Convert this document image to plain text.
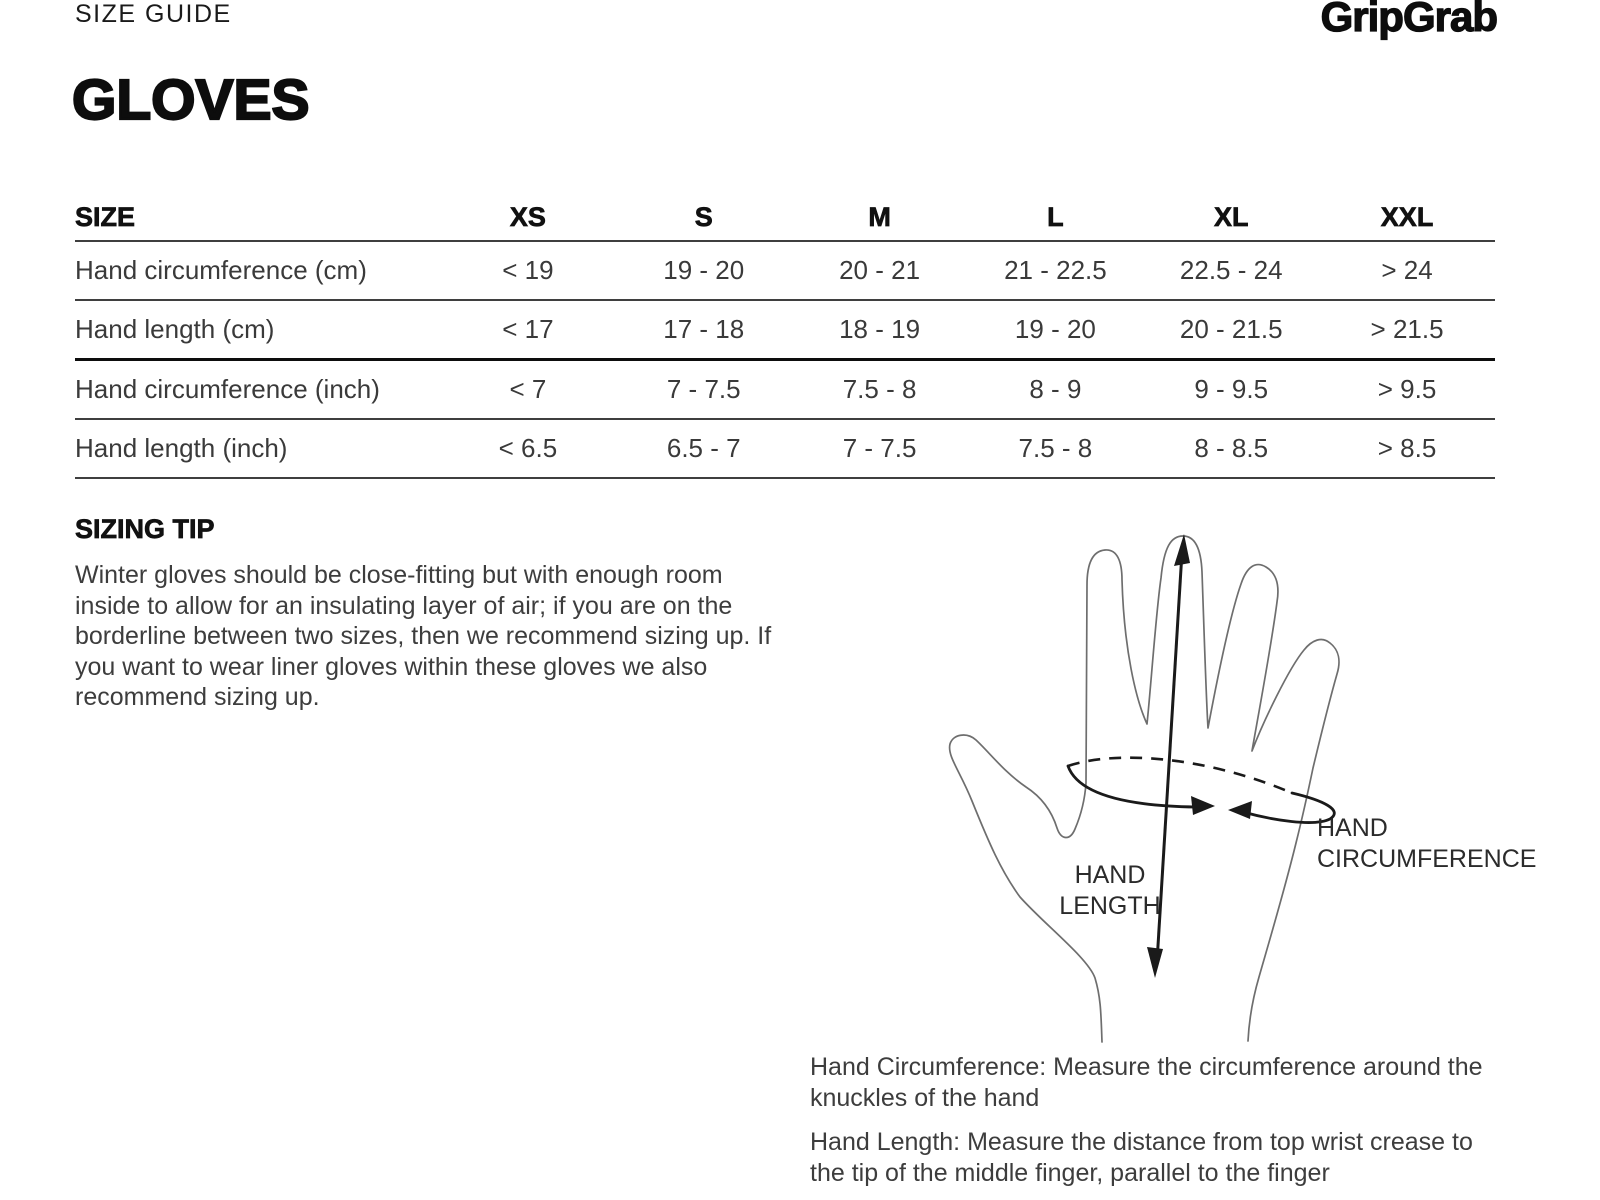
SIZE GUIDE	GripGrab
GLOVES
SIZE	XS	S	M	L	XL	XXL
Hand circumference (cm)	< 19	19 - 20	20 - 21	21 - 22.5	22.5 - 24	> 24
Hand length (cm)	< 17	17 - 18	18 - 19	19 - 20	20 - 21.5	> 21.5
Hand circumference (inch)	< 7	7 - 7.5	7.5 - 8	8 - 9	9 - 9.5	> 9.5
Hand length (inch)	< 6.5	6.5 - 7	7 - 7.5	7.5 - 8	8 - 8.5	> 8.5
SIZING TIP

Winter gloves should be close-fitting but with enough room inside to allow for an insulating layer of air; if you are on the borderline between two sizes, then we recommend sizing up. If you want to wear liner gloves within these gloves we also recommend sizing up.

HAND
LENGTH
HAND
CIRCUMFERENCE

Hand Circumference: Measure the circumference around the knuckles of the hand

Hand Length: Measure the distance from top wrist crease to the tip of the middle finger, parallel to the finger
